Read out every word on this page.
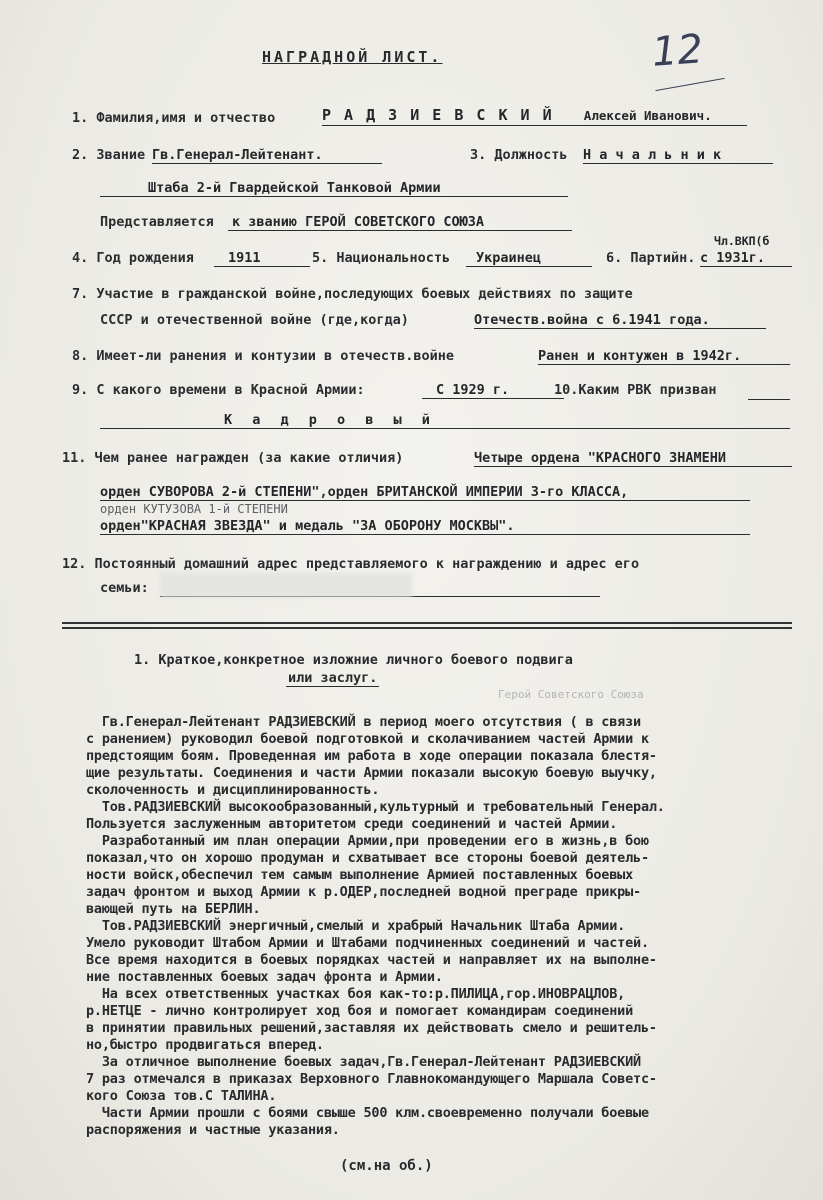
НАГРАДНОЙ ЛИСТ.	12
1. Фамилия,имя и отчество	Р А Д З И Е В С К И Й Алексей Иванович.
2. Звание Гв.Генерал-Лейтенант.	3. Должность Н а ч а л ь н и к
Штаба 2-й Гвардейской Танковой Армии
Представляется к званию ГЕРОЙ СОВЕТСКОГО СОЮЗА
4. Год рождения	1911	5. Национальность	Украинец	6. Партийн.
Чл.ВКП(б
с 1931г.
7. Участие в гражданской войне,последующих боевых действиях по защите
СССР и отечественной войне (где,когда)	Отечеств.война с 6.1941 года.
8. Имеет-ли ранения и контузии в отечеств.войне	Ранен и контужен в 1942г.
9. С какого времени в Красной Армии:	С 1929 г.	10.Каким РВК призван
К а д р о в ы й
11. Чем ранее награжден (за какие отличия)	Четыре ордена "КРАСНОГО ЗНАМЕНИ
орден СУВОРОВА 2-й СТЕПЕНИ",орден БРИТАНСКОЙ ИМПЕРИИ 3-го КЛАССА,
орден КУТУЗОВА 1-й СТЕПЕНИ
орден"КРАСНАЯ ЗВЕЗДА" и медаль "ЗА ОБОРОНУ МОСКВЫ".
12. Постоянный домашний адрес представляемого к награждению и адрес его
семьи:
1. Краткое,конкретное изложние личного боевого подвига
или заслуг.
Герой Советского Союза
Гв.Генерал-Лейтенант РАДЗИЕВСКИЙ в период моего отсутствия ( в связи
с ранением) руководил боевой подготовкой и сколачиванием частей Армии к
предстоящим боям. Проведенная им работа в ходе операции показала блестя-
щие результаты. Соединения и части Армии показали высокую боевую выучку,
сколоченность и дисциплинированность.
Тов.РАДЗИЕВСКИЙ высокообразованный,культурный и требовательный Генерал.
Пользуется заслуженным авторитетом среди соединений и частей Армии.
Разработанный им план операции Армии,при проведении его в жизнь,в бою
показал,что он хорошо продуман и схватывает все стороны боевой деятель-
ности войск,обеспечил тем самым выполнение Армией поставленных боевых
задач фронтом и выход Армии к р.ОДЕР,последней водной преграде прикры-
вающей путь на БЕРЛИН.
Тов.РАДЗИЕВСКИЙ энергичный,смелый и храбрый Начальник Штаба Армии.
Умело руководит Штабом Армии и Штабами подчиненных соединений и частей.
Все время находится в боевых порядках частей и направляет их на выполне-
ние поставленных боевых задач фронта и Армии.
На всех ответственных участках боя как-то:р.ПИЛИЦА,гор.ИНОВРАЦЛОВ,
р.НЕТЦЕ - лично контролирует ход боя и помогает командирам соединений
в принятии правильных решений,заставляя их действовать смело и решитель-
но,быстро продвигаться вперед.
За отличное выполнение боевых задач,Гв.Генерал-Лейтенант РАДЗИЕВСКИЙ
7 раз отмечался в приказах Верховного Главнокомандующего Маршала Советс-
кого Союза тов.С ТАЛИНА.
Части Армии прошли с боями свыше 500 клм.своевременно получали боевые
распоряжения и частные указания.
(см.на об.)
